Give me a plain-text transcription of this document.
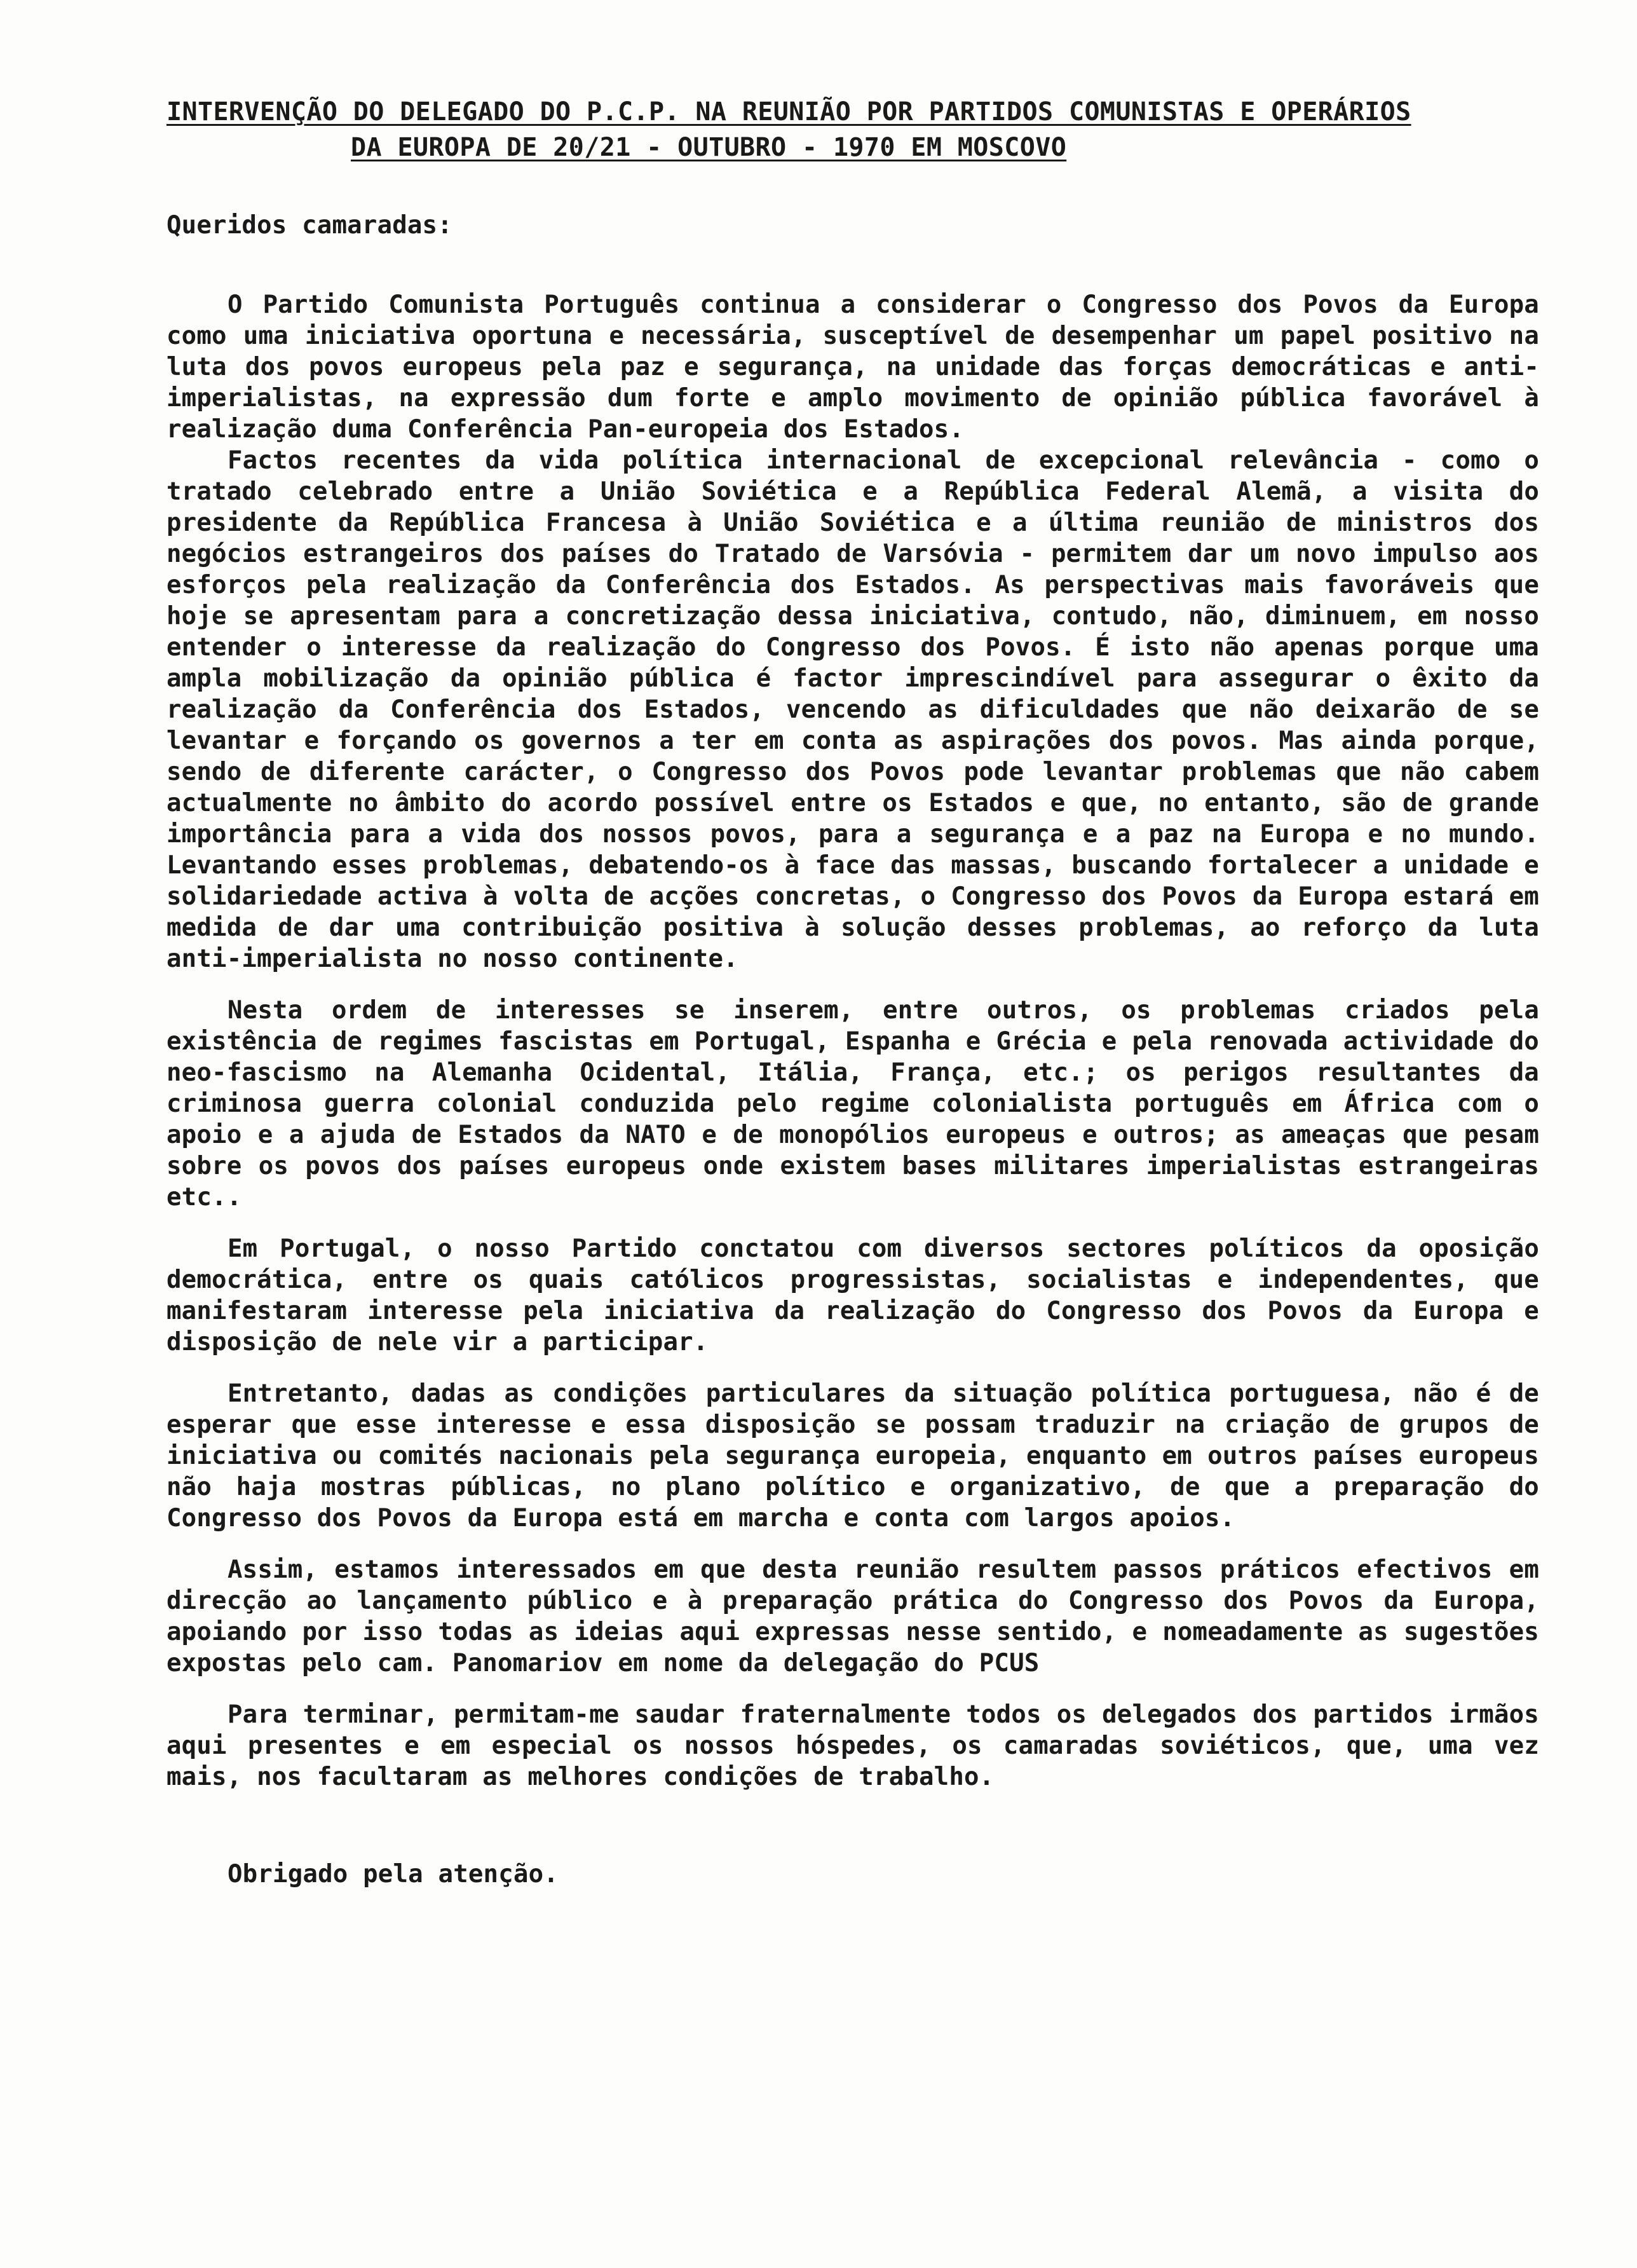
INTERVENÇÃO DO DELEGADO DO P.C.P. NA REUNIÃO POR PARTIDOS COMUNISTAS E OPERÁRIOS
DA EUROPA DE 20/21 - OUTUBRO - 1970 EM MOSCOVO

Queridos camaradas:

O Partido Comunista Português continua a considerar o Congresso dos Povos da Europa como uma iniciativa oportuna e necessária, susceptível de desempenhar um papel positivo na luta dos povos europeus pela paz e segurança, na unidade das forças democráticas e anti-imperialistas, na expressão dum forte e amplo movimento de opinião pública favorável à realização duma Conferência Pan-europeia dos Estados.

Factos recentes da vida política internacional de excepcional relevância - como o tratado celebrado entre a União Soviética e a República Federal Alemã, a visita do presidente da República Francesa à União Soviética e a última reunião de ministros dos negócios estrangeiros dos países do Tratado de Varsóvia - permitem dar um novo impulso aos esforços pela realização da Conferência dos Estados. As perspectivas mais favoráveis que hoje se apresentam para a concretização dessa iniciativa, contudo, não, diminuem, em nosso entender o interesse da realização do Congresso dos Povos. É isto não apenas porque uma ampla mobilização da opinião pública é factor imprescindível para assegurar o êxito da realização da Conferência dos Estados, vencendo as dificuldades que não deixarão de se levantar e forçando os governos a ter em conta as aspirações dos povos. Mas ainda porque, sendo de diferente carácter, o Congresso dos Povos pode levantar problemas que não cabem actualmente no âmbito do acordo possível entre os Estados e que, no entanto, são de grande importância para a vida dos nossos povos, para a segurança e a paz na Europa e no mundo. Levantando esses problemas, debatendo-os à face das massas, buscando fortalecer a unidade e solidariedade activa à volta de acções concretas, o Congresso dos Povos da Europa estará em medida de dar uma contribuição positiva à solução desses problemas, ao reforço da luta anti-imperialista no nosso continente.

Nesta ordem de interesses se inserem, entre outros, os problemas criados pela existência de regimes fascistas em Portugal, Espanha e Grécia e pela renovada actividade do neo-fascismo na Alemanha Ocidental, Itália, França, etc.; os perigos resultantes da criminosa guerra colonial conduzida pelo regime colonialista português em África com o apoio e a ajuda de Estados da NATO e de monopólios europeus e outros; as ameaças que pesam sobre os povos dos países europeus onde existem bases militares imperialistas estrangeiras etc..

Em Portugal, o nosso Partido conctatou com diversos sectores políticos da oposição democrática, entre os quais católicos progressistas, socialistas e independentes, que manifestaram interesse pela iniciativa da realização do Congresso dos Povos da Europa e disposição de nele vir a participar.

Entretanto, dadas as condições particulares da situação política portuguesa, não é de esperar que esse interesse e essa disposição se possam traduzir na criação de grupos de iniciativa ou comités nacionais pela segurança europeia, enquanto em outros países europeus não haja mostras públicas, no plano político e organizativo, de que a preparação do Congresso dos Povos da Europa está em marcha e conta com largos apoios.

Assim, estamos interessados em que desta reunião resultem passos práticos efectivos em direcção ao lançamento público e à preparação prática do Congresso dos Povos da Europa, apoiando por isso todas as ideias aqui expressas nesse sentido, e nomeadamente as sugestões expostas pelo cam. Panomariov em nome da delegação do PCUS

Para terminar, permitam-me saudar fraternalmente todos os delegados dos partidos irmãos aqui presentes e em especial os nossos hóspedes, os camaradas soviéticos, que, uma vez mais, nos facultaram as melhores condições de trabalho.

Obrigado pela atenção.
